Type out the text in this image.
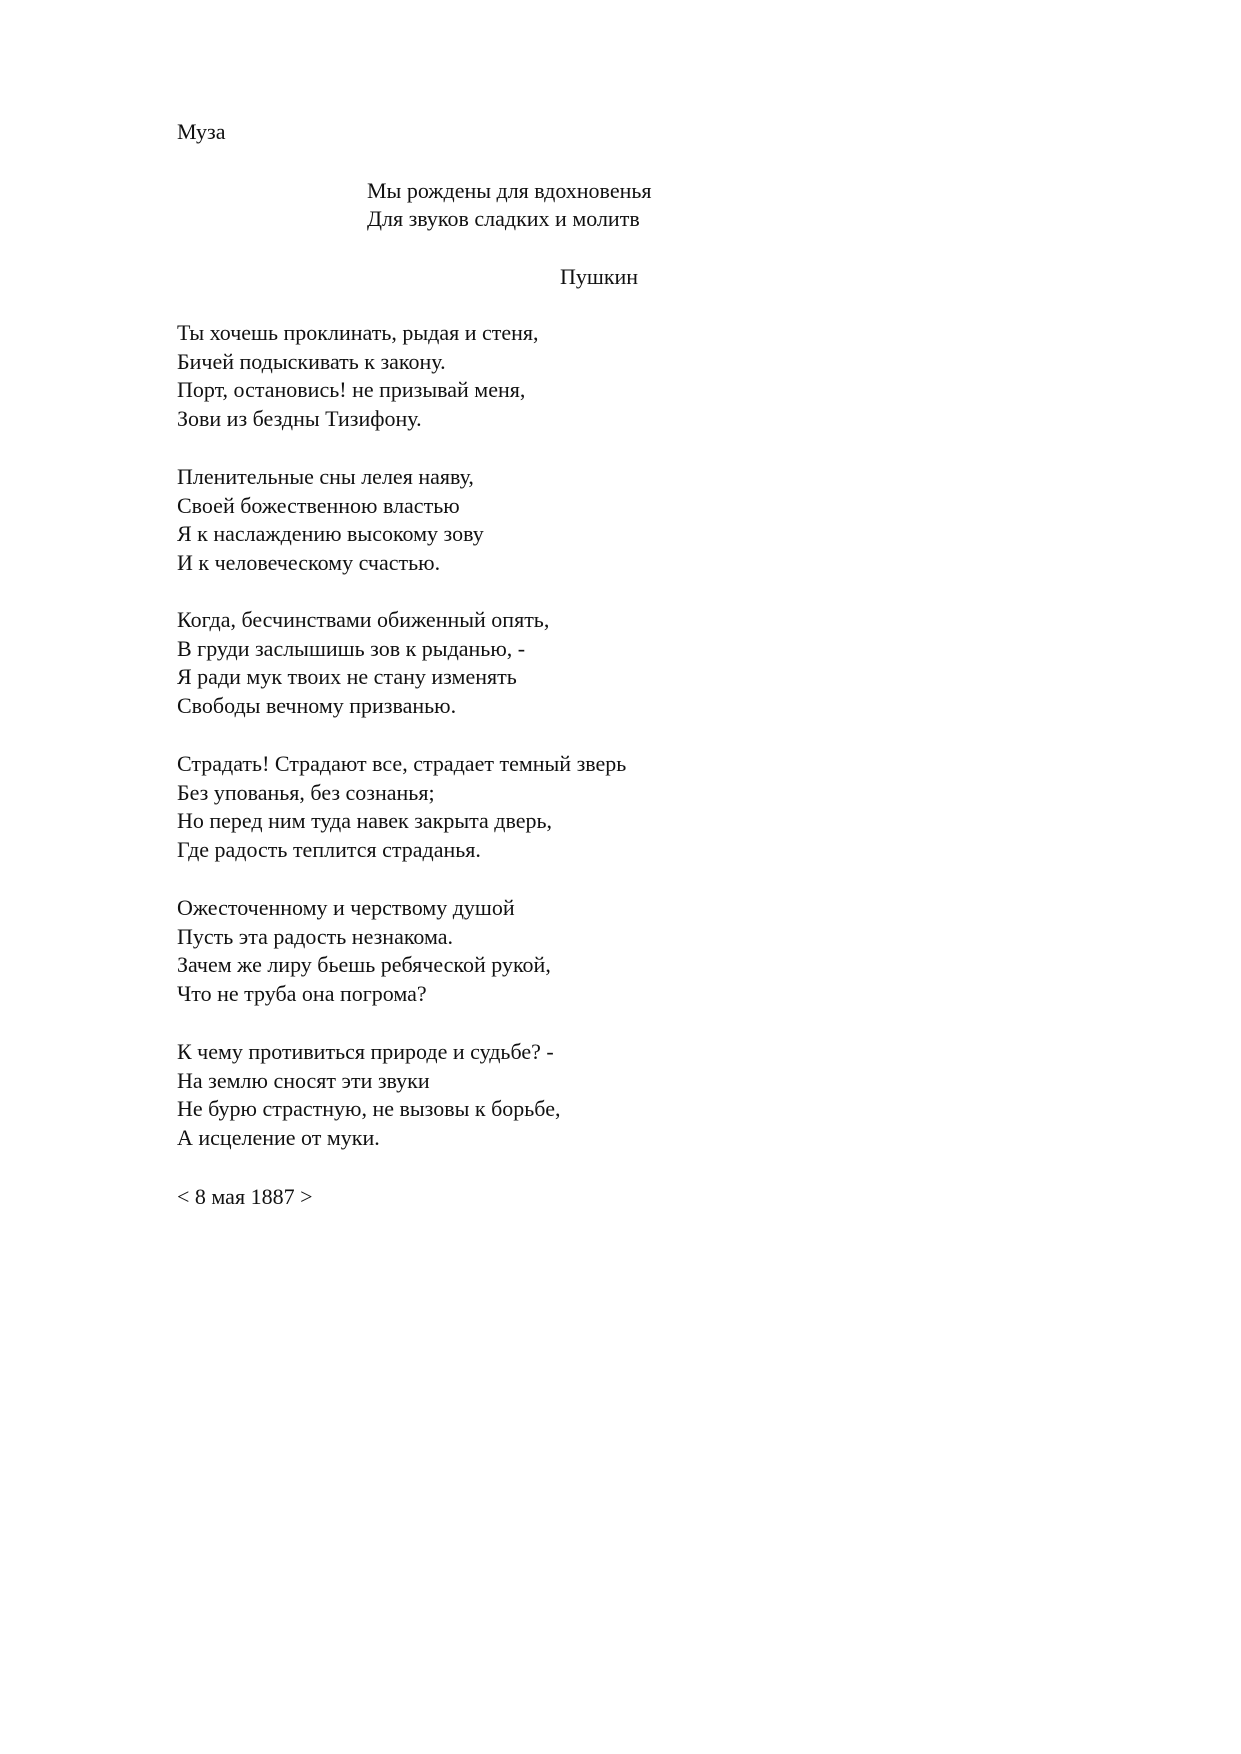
Муза
Мы рождены для вдохновенья
Для звуков сладких и молитв
Пушкин
Ты хочешь проклинать, рыдая и стеня,
Бичей подыскивать к закону.
Порт, остановись! не призывай меня,
Зови из бездны Тизифону.
Пленительные сны лелея наяву,
Своей божественною властью
Я к наслаждению высокому зову
И к человеческому счастью.
Когда, бесчинствами обиженный опять,
В груди заслышишь зов к рыданью, -
Я ради мук твоих не стану изменять
Свободы вечному призванью.
Страдать! Страдают все, страдает темный зверь
Без упованья, без сознанья;
Но перед ним туда навек закрыта дверь,
Где радость теплится страданья.
Ожесточенному и черствому душой
Пусть эта радость незнакома.
Зачем же лиру бьешь ребяческой рукой,
Что не труба она погрома?
К чему противиться природе и судьбе? -
На землю сносят эти звуки
Не бурю страстную, не вызовы к борьбе,
А исцеление от муки.
< 8 мая 1887 >
